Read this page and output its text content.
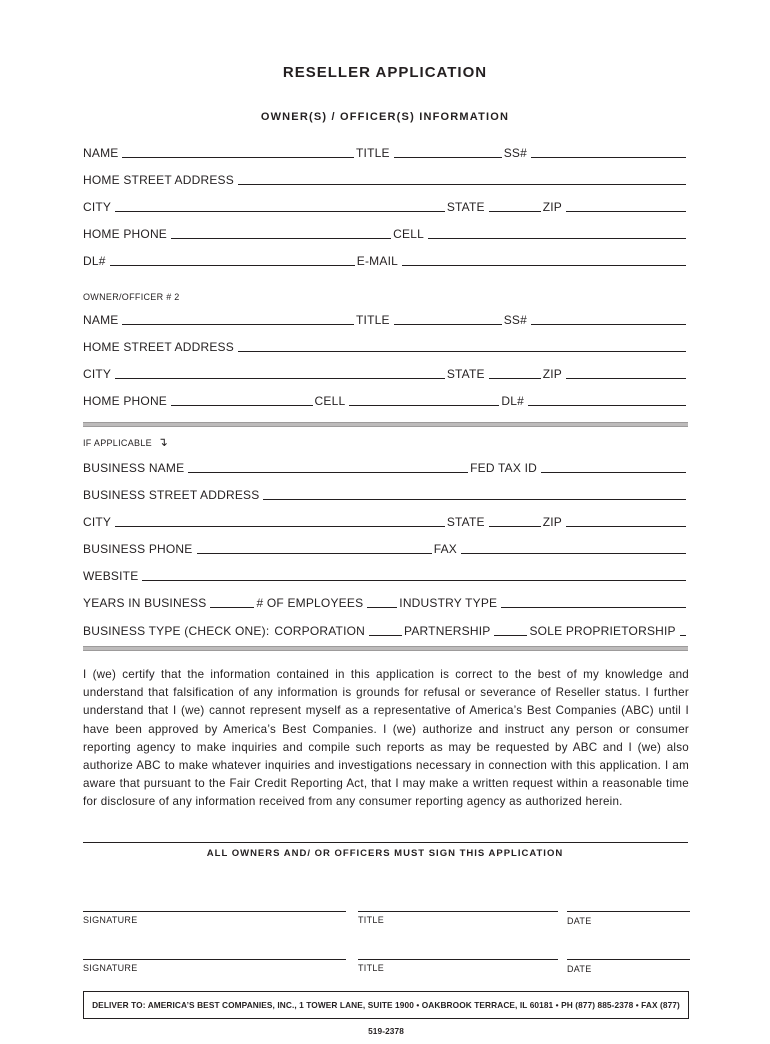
RESELLER APPLICATION
OWNER(S) / OFFICER(S) INFORMATION
NAME	TITLE	SS#
HOME STREET ADDRESS
CITY	STATE	ZIP
HOME PHONE	CELL
DL#	E-MAIL
OWNER/OFFICER # 2
NAME	TITLE	SS#
HOME STREET ADDRESS
CITY	STATE	ZIP
HOME PHONE	CELL	DL#
IF APPLICABLE ↴
BUSINESS NAME	FED TAX ID
BUSINESS STREET ADDRESS
CITY	STATE	ZIP
BUSINESS PHONE	FAX
WEBSITE
YEARS IN BUSINESS	# OF EMPLOYEES	INDUSTRY TYPE
BUSINESS TYPE (CHECK ONE): CORPORATION	PARTNERSHIP	SOLE PROPRIETORSHIP
I (we) certify that the information contained in this application is correct to the best of my knowledge and understand that falsification of any information is grounds for refusal or severance of Reseller status. I further understand that I (we) cannot represent myself as a representative of America’s Best Companies (ABC) until I have been approved by America’s Best Companies. I (we) authorize and instruct any person or consumer reporting agency to make inquiries and compile such reports as may be requested by ABC and I (we) also authorize ABC to make whatever inquiries and investigations necessary in connection with this application. I am aware that pursuant to the Fair Credit Reporting Act, that I may make a written request within a reasonable time for disclosure of any information received from any consumer reporting agency as authorized herein.
ALL OWNERS AND/ OR OFFICERS MUST SIGN THIS APPLICATION
SIGNATURE	TITLE	DATE
SIGNATURE	TITLE	DATE
DELIVER TO: AMERICA’S BEST COMPANIES, INC., 1 TOWER LANE, SUITE 1900 • OAKBROOK TERRACE, IL 60181 • PH (877) 885-2378 • FAX (877) 519-2378
